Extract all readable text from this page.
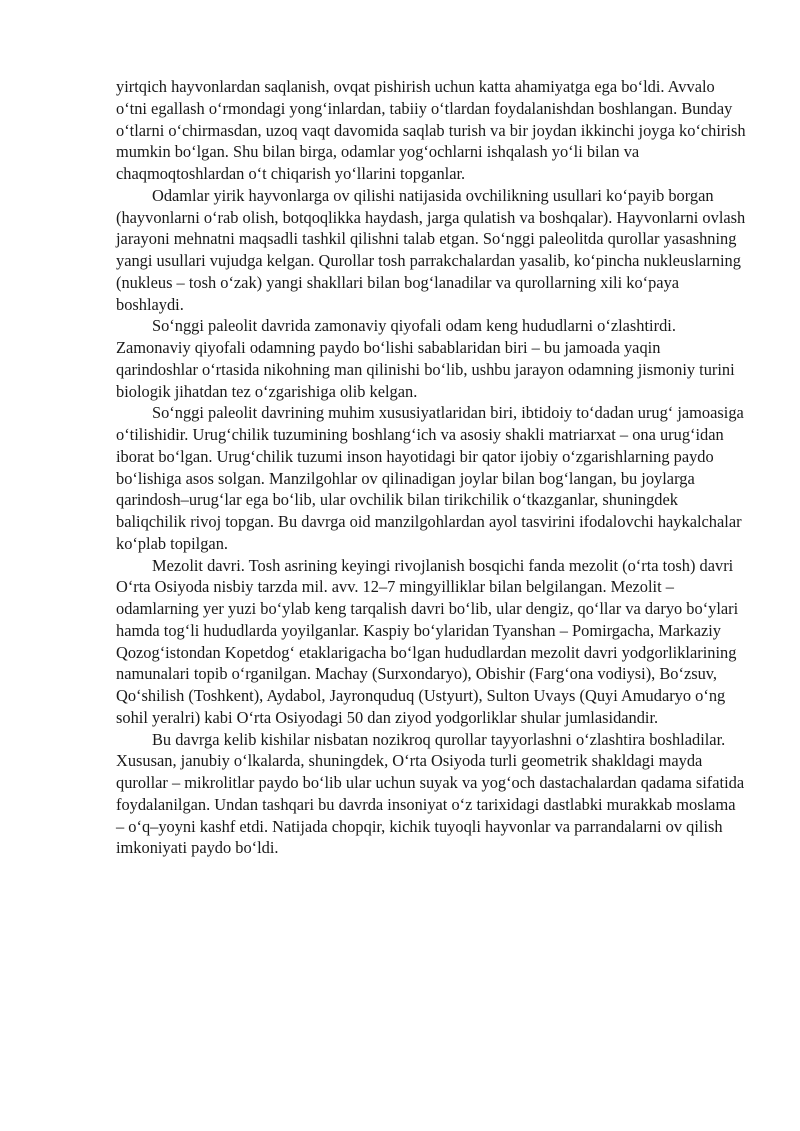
yirtqich hayvonlardan saqlanish, ovqat pishirish uchun katta ahamiyatga ega bo‘ldi. Avvalo o‘tni egallash o‘rmondagi yong‘inlardan, tabiiy o‘tlardan foydalanishdan boshlangan. Bunday o‘tlarni o‘chirmasdan, uzoq vaqt davomida saqlab turish va bir joydan ikkinchi joyga ko‘chirish mumkin bo‘lgan. Shu bilan birga, odamlar yog‘ochlarni ishqalash yo‘li bilan va chaqmoqtoshlardan o‘t chiqarish yo‘llarini topganlar.

Odamlar yirik hayvonlarga ov qilishi natijasida ovchilikning usullari ko‘payib borgan (hayvonlarni o‘rab olish, botqoqlikka haydash, jarga qulatish va boshqalar). Hayvonlarni ovlash jarayoni mehnatni maqsadli tashkil qilishni talab etgan. So‘nggi paleolitda qurollar yasashning yangi usullari vujudga kelgan. Qurollar tosh parrakchalardan yasalib, ko‘pincha nukleuslarning (nukleus – tosh o‘zak) yangi shakllari bilan bog‘lanadilar va qurollarning xili ko‘paya boshlaydi.

So‘nggi paleolit davrida zamonaviy qiyofali odam keng hududlarni o‘zlashtirdi. Zamonaviy qiyofali odamning paydo bo‘lishi sabablaridan biri – bu jamoada yaqin qarindoshlar o‘rtasida nikohning man qilinishi bo‘lib, ushbu jarayon odamning jismoniy turini biologik jihatdan tez o‘zgarishiga olib kelgan.

So‘nggi paleolit davrining muhim xususiyatlaridan biri, ibtidoiy to‘dadan urug‘ jamoasiga o‘tilishidir. Urug‘chilik tuzumining boshlang‘ich va asosiy shakli matriarxat – ona urug‘idan iborat bo‘lgan. Urug‘chilik tuzumi inson hayotidagi bir qator ijobiy o‘zgarishlarning paydo bo‘lishiga asos solgan. Manzilgohlar ov qilinadigan joylar bilan bog‘langan, bu joylarga qarindosh–urug‘lar ega bo‘lib, ular ovchilik bilan tirikchilik o‘tkazganlar, shuningdek baliqchilik rivoj topgan. Bu davrga oid manzilgohlardan ayol tasvirini ifodalovchi haykalchalar ko‘plab topilgan.

Mezolit davri. Tosh asrining keyingi rivojlanish bosqichi fanda mezolit (o‘rta tosh) davri O‘rta Osiyoda nisbiy tarzda mil. avv. 12–7 mingyilliklar bilan belgilangan. Mezolit – odamlarning yer yuzi bo‘ylab keng tarqalish davri bo‘lib, ular dengiz, qo‘llar va daryo bo‘ylari hamda tog‘li hududlarda yoyilganlar. Kaspiy bo‘ylaridan Tyanshan – Pomirgacha, Markaziy Qozog‘istondan Kopetdog‘ etaklarigacha bo‘lgan hududlardan mezolit davri yodgorliklarining namunalari topib o‘rganilgan. Machay (Surxondaryo), Obishir (Farg‘ona vodiysi), Bo‘zsuv, Qo‘shilish (Toshkent), Aydabol, Jayronquduq (Ustyurt), Sulton Uvays (Quyi Amudaryo o‘ng sohil yeralri) kabi O‘rta Osiyodagi 50 dan ziyod yodgorliklar shular jumlasidandir.

Bu davrga kelib kishilar nisbatan nozikroq qurollar tayyorlashni o‘zlashtira boshladilar. Xususan, janubiy o‘lkalarda, shuningdek, O‘rta Osiyoda turli geometrik shakldagi mayda qurollar – mikrolitlar paydo bo‘lib ular uchun suyak va yog‘och dastachalardan qadama sifatida foydalanilgan. Undan tashqari bu davrda insoniyat o‘z tarixidagi dastlabki murakkab moslama – o‘q–yoyni kashf etdi. Natijada chopqir, kichik tuyoqli hayvonlar va parrandalarni ov qilish imkoniyati paydo bo‘ldi.
